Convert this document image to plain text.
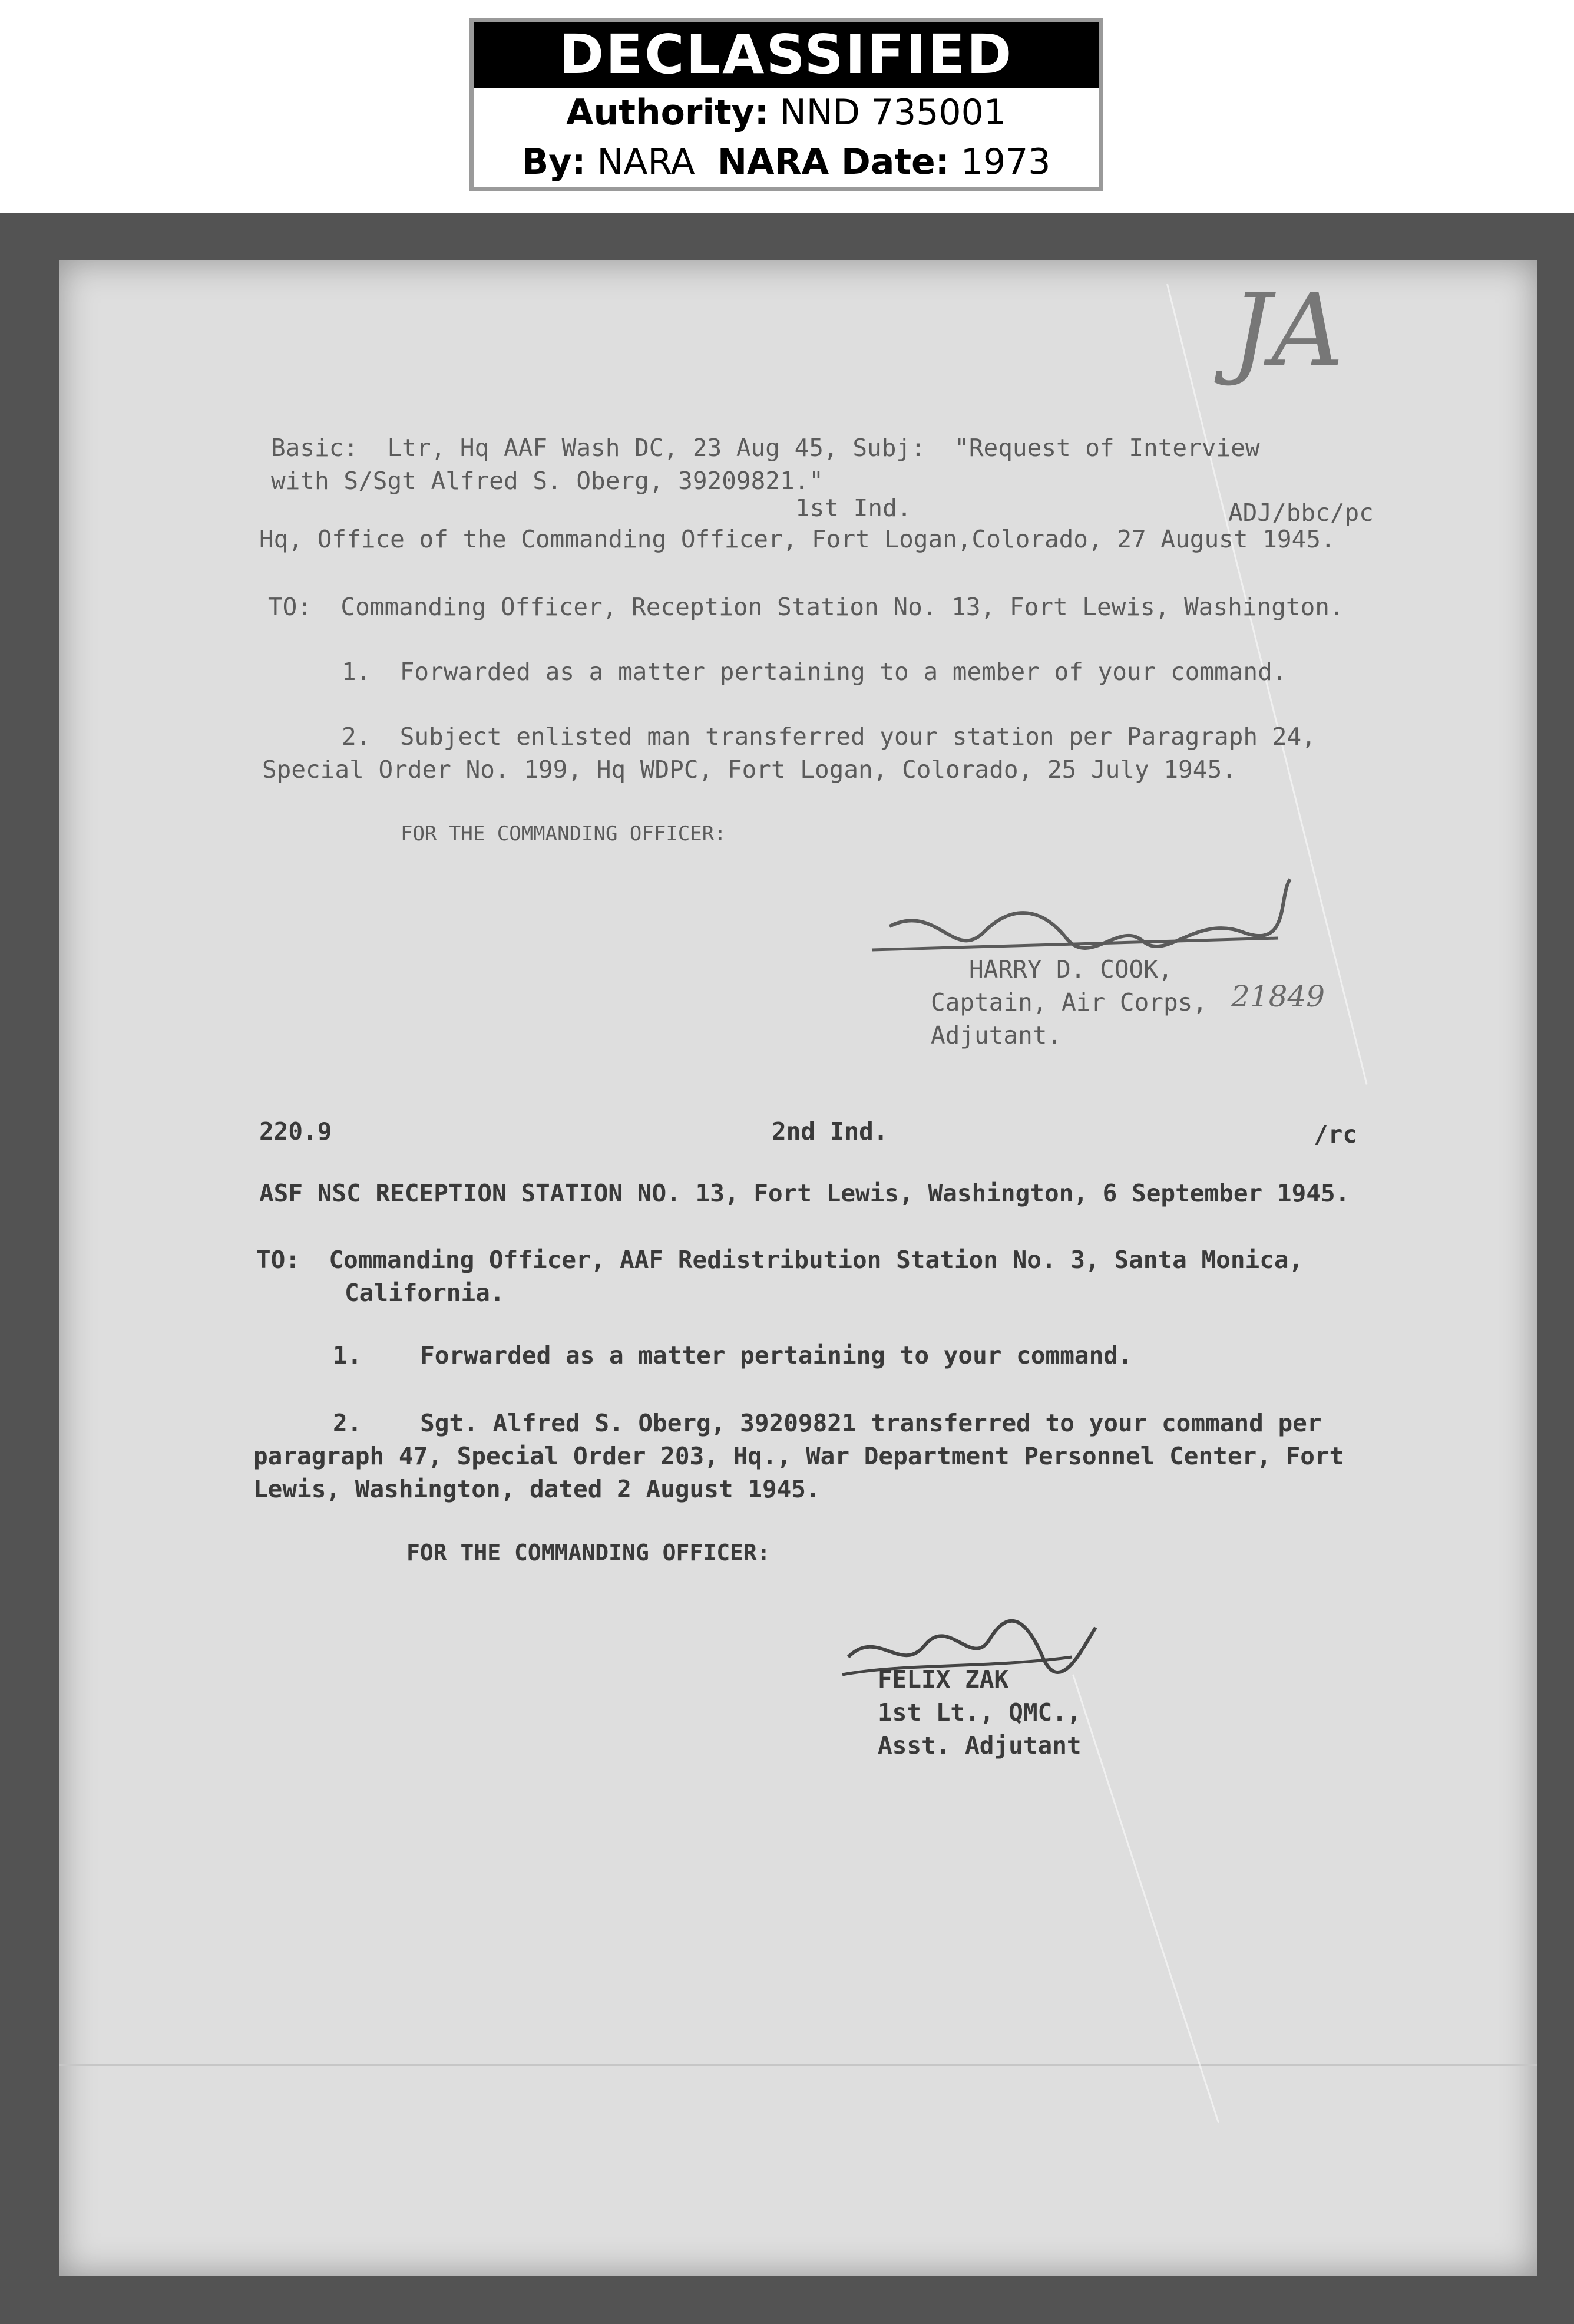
DECLASSIFIED
Authority: NND 735001
By: NARA NARA Date: 1973
JA
Basic:  Ltr, Hq AAF Wash DC, 23 Aug 45, Subj:  "Request of Interview
with S/Sgt Alfred S. Oberg, 39209821."
1st Ind.	ADJ/bbc/pc
Hq, Office of the Commanding Officer, Fort Logan,Colorado, 27 August 1945.
TO:  Commanding Officer, Reception Station No. 13, Fort Lewis, Washington.
1.  Forwarded as a matter pertaining to a member of your command.
2.  Subject enlisted man transferred your station per Paragraph 24,
Special Order No. 199, Hq WDPC, Fort Logan, Colorado, 25 July 1945.
FOR THE COMMANDING OFFICER:
HARRY D. COOK,
Captain, Air Corps, 21849
Adjutant.
220.9	2nd Ind.	/rc
ASF NSC RECEPTION STATION NO. 13, Fort Lewis, Washington, 6 September 1945.
TO:  Commanding Officer, AAF Redistribution Station No. 3, Santa Monica,
California.
1.    Forwarded as a matter pertaining to your command.
2.    Sgt. Alfred S. Oberg, 39209821 transferred to your command per
paragraph 47, Special Order 203, Hq., War Department Personnel Center, Fort
Lewis, Washington, dated 2 August 1945.
FOR THE COMMANDING OFFICER:
FELIX ZAK
1st Lt., QMC.,
Asst. Adjutant
